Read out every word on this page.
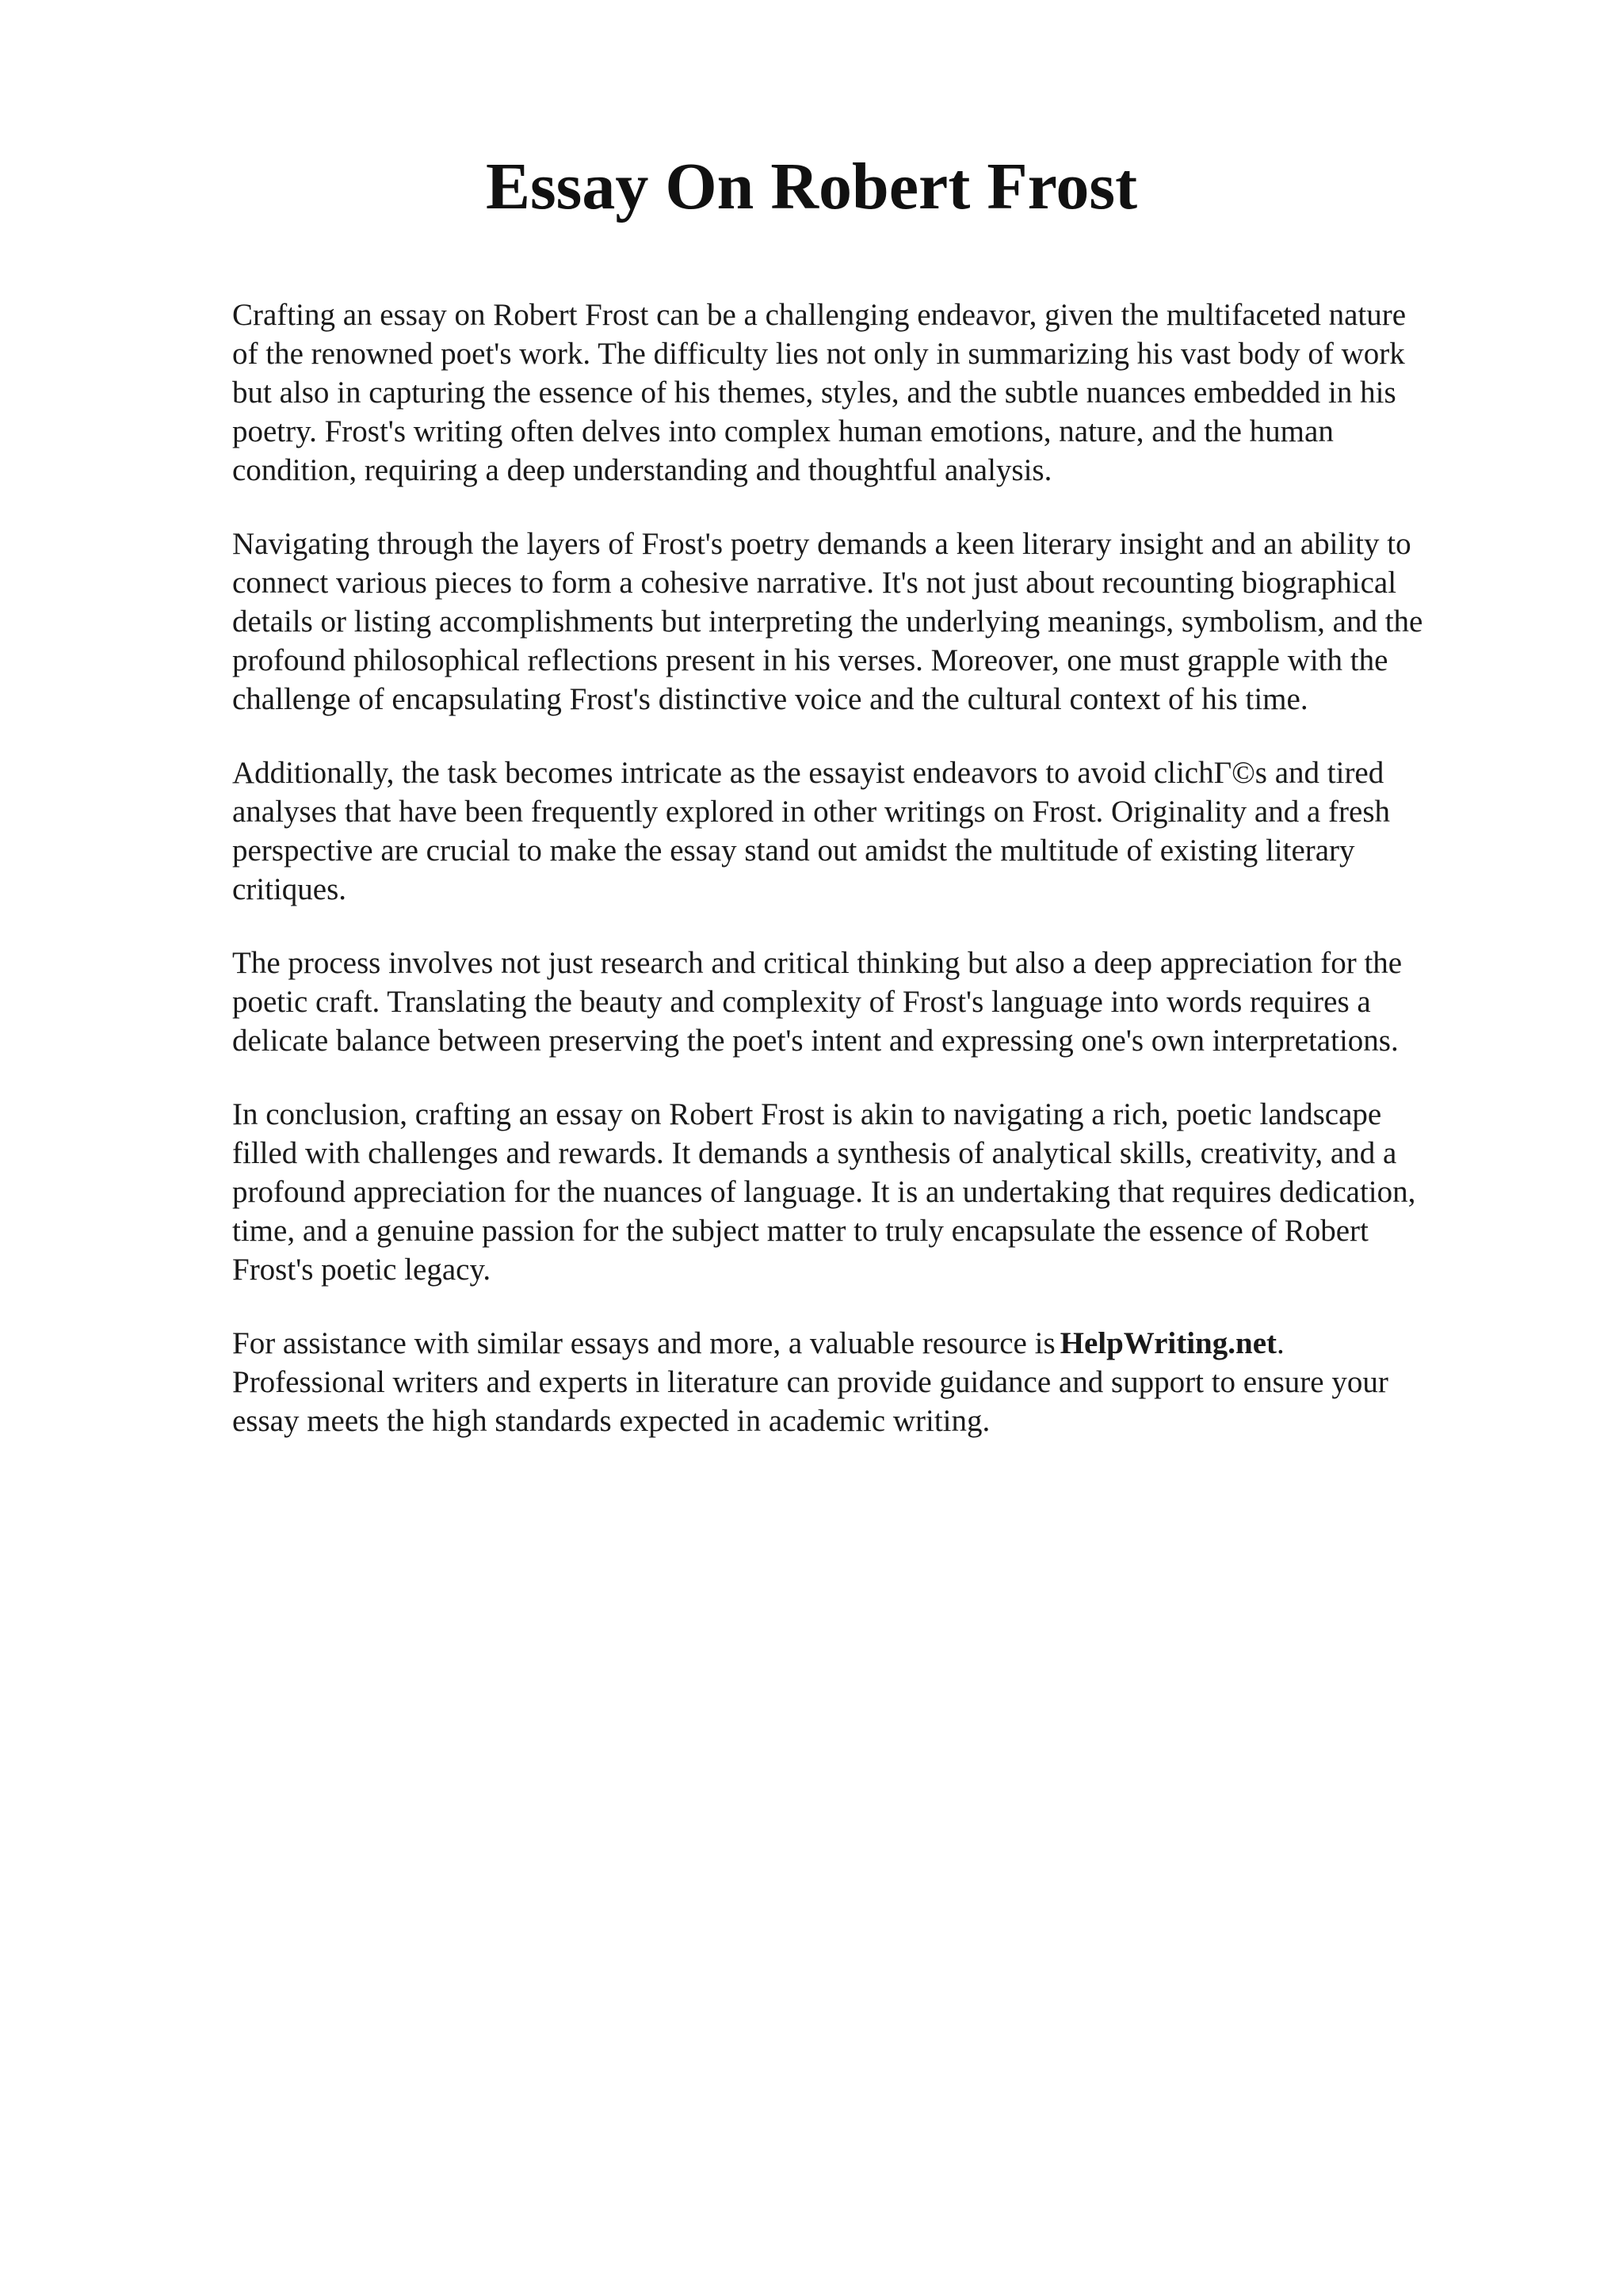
Essay On Robert Frost

Crafting an essay on Robert Frost can be a challenging endeavor, given the multifaceted nature
of the renowned poet's work. The difficulty lies not only in summarizing his vast body of work
but also in capturing the essence of his themes, styles, and the subtle nuances embedded in his
poetry. Frost's writing often delves into complex human emotions, nature, and the human
condition, requiring a deep understanding and thoughtful analysis.

Navigating through the layers of Frost's poetry demands a keen literary insight and an ability to
connect various pieces to form a cohesive narrative. It's not just about recounting biographical
details or listing accomplishments but interpreting the underlying meanings, symbolism, and the
profound philosophical reflections present in his verses. Moreover, one must grapple with the
challenge of encapsulating Frost's distinctive voice and the cultural context of his time.

Additionally, the task becomes intricate as the essayist endeavors to avoid clichГ©s and tired
analyses that have been frequently explored in other writings on Frost. Originality and a fresh
perspective are crucial to make the essay stand out amidst the multitude of existing literary
critiques.

The process involves not just research and critical thinking but also a deep appreciation for the
poetic craft. Translating the beauty and complexity of Frost's language into words requires a
delicate balance between preserving the poet's intent and expressing one's own interpretations.

In conclusion, crafting an essay on Robert Frost is akin to navigating a rich, poetic landscape
filled with challenges and rewards. It demands a synthesis of analytical skills, creativity, and a
profound appreciation for the nuances of language. It is an undertaking that requires dedication,
time, and a genuine passion for the subject matter to truly encapsulate the essence of Robert
Frost's poetic legacy.

For assistance with similar essays and more, a valuable resource is HelpWriting.net.
Professional writers and experts in literature can provide guidance and support to ensure your
essay meets the high standards expected in academic writing.
